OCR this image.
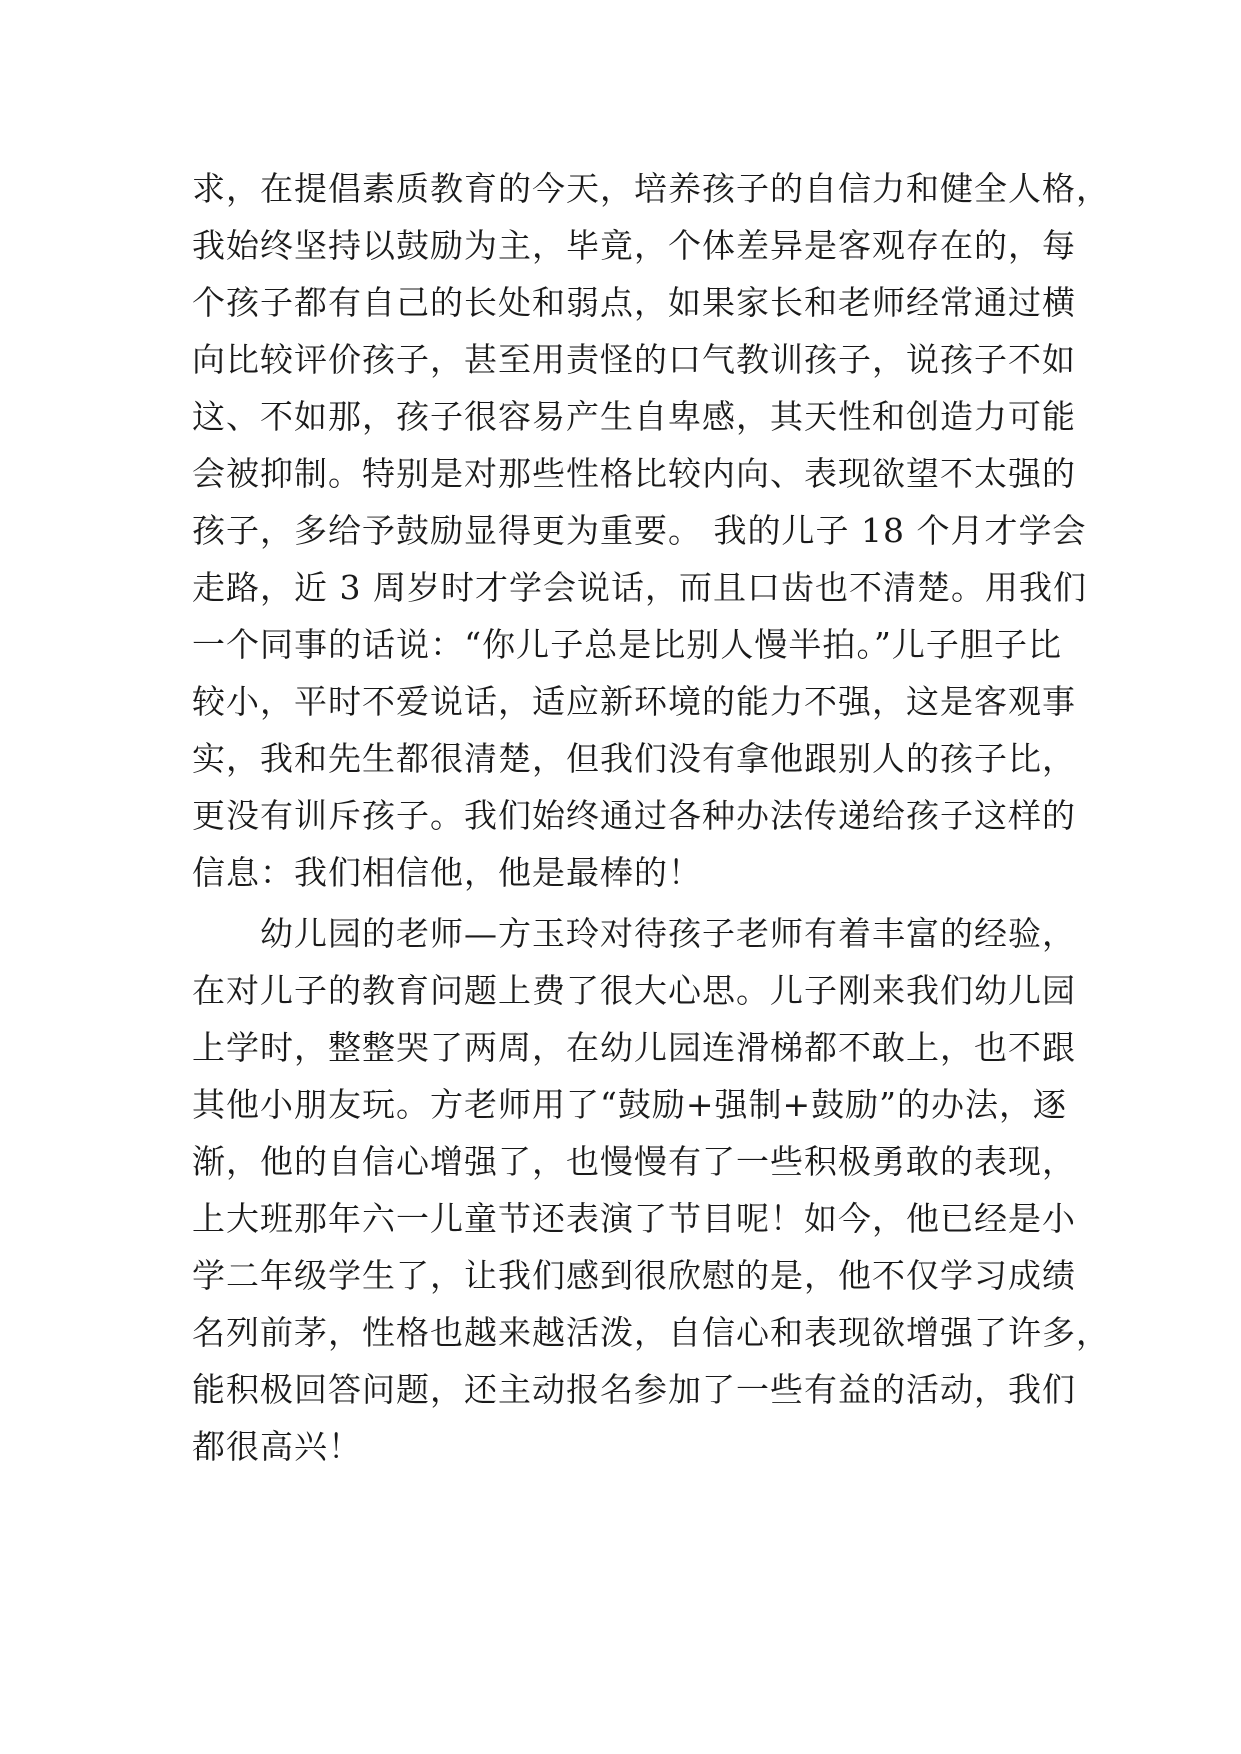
求，在提倡素质教育的今天，培养孩子的自信力和健全人格，
我始终坚持以鼓励为主，毕竟，个体差异是客观存在的，每
个孩子都有自己的长处和弱点，如果家长和老师经常通过横
向比较评价孩子，甚至用责怪的口气教训孩子，说孩子不如
这、不如那，孩子很容易产生自卑感，其天性和创造力可能
会被抑制。特别是对那些性格比较内向、表现欲望不太强的
孩子，多给予鼓励显得更为重要。 我的儿子 18 个月才学会
走路，近 3 周岁时才学会说话，而且口齿也不清楚。用我们
一个同事的话说：“你儿子总是比别人慢半拍。”儿子胆子比
较小，平时不爱说话，适应新环境的能力不强，这是客观事
实，我和先生都很清楚，但我们没有拿他跟别人的孩子比，
更没有训斥孩子。我们始终通过各种办法传递给孩子这样的
信息：我们相信他，他是最棒的！
　　幼儿园的老师—方玉玲对待孩子老师有着丰富的经验，
在对儿子的教育问题上费了很大心思。儿子刚来我们幼儿园
上学时，整整哭了两周，在幼儿园连滑梯都不敢上，也不跟
其他小朋友玩。方老师用了“鼓励+强制+鼓励”的办法，逐
渐，他的自信心增强了，也慢慢有了一些积极勇敢的表现，
上大班那年六一儿童节还表演了节目呢！如今，他已经是小
学二年级学生了，让我们感到很欣慰的是，他不仅学习成绩
名列前茅，性格也越来越活泼，自信心和表现欲增强了许多，
能积极回答问题，还主动报名参加了一些有益的活动，我们
都很高兴！
